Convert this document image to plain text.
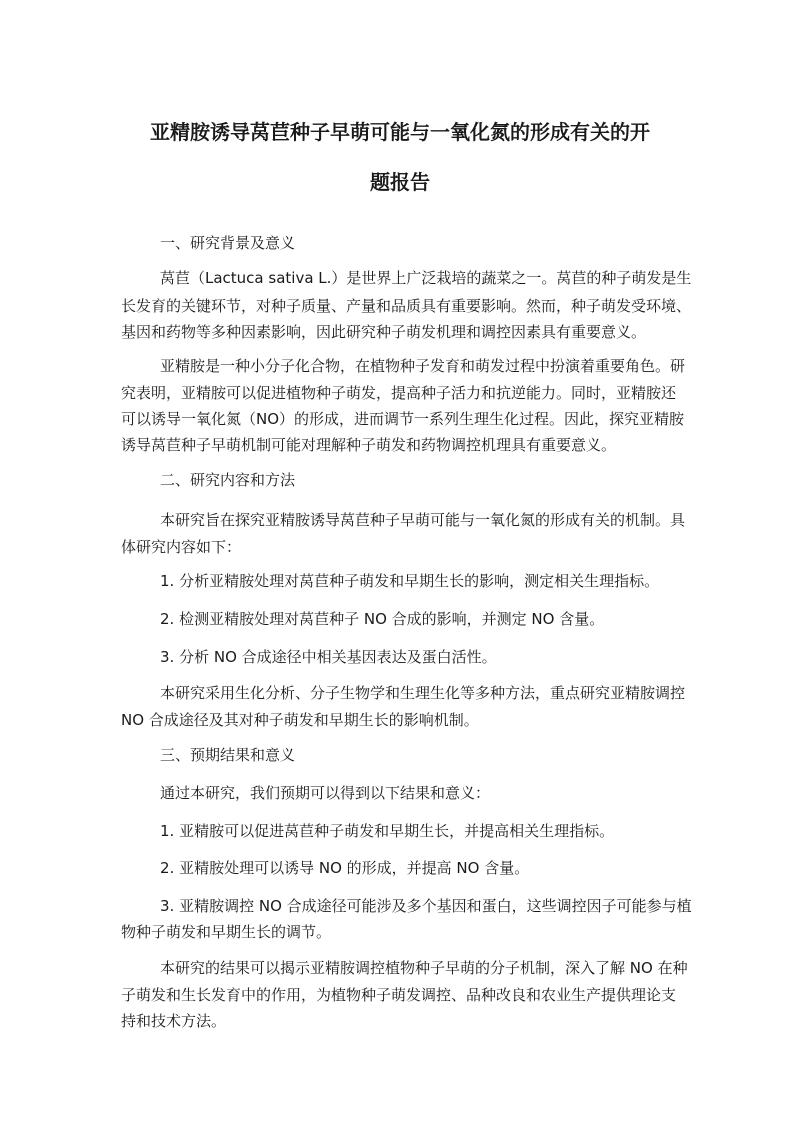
亚精胺诱导莴苣种子早萌可能与一氧化氮的形成有关的开
题报告

一、研究背景及意义

莴苣（Lactuca sativa L.）是世界上广泛栽培的蔬菜之一。莴苣的种子萌发是生

长发育的关键环节，对种子质量、产量和品质具有重要影响。然而，种子萌发受环境、

基因和药物等多种因素影响，因此研究种子萌发机理和调控因素具有重要意义。

亚精胺是一种小分子化合物，在植物种子发育和萌发过程中扮演着重要角色。研

究表明，亚精胺可以促进植物种子萌发，提高种子活力和抗逆能力。同时，亚精胺还

可以诱导一氧化氮（NO）的形成，进而调节一系列生理生化过程。因此，探究亚精胺

诱导莴苣种子早萌机制可能对理解种子萌发和药物调控机理具有重要意义。

二、研究内容和方法

本研究旨在探究亚精胺诱导莴苣种子早萌可能与一氧化氮的形成有关的机制。具

体研究内容如下：

1. 分析亚精胺处理对莴苣种子萌发和早期生长的影响，测定相关生理指标。

2. 检测亚精胺处理对莴苣种子 NO 合成的影响，并测定 NO 含量。

3. 分析 NO 合成途径中相关基因表达及蛋白活性。

本研究采用生化分析、分子生物学和生理生化等多种方法，重点研究亚精胺调控

NO 合成途径及其对种子萌发和早期生长的影响机制。

三、预期结果和意义

通过本研究，我们预期可以得到以下结果和意义：

1. 亚精胺可以促进莴苣种子萌发和早期生长，并提高相关生理指标。

2. 亚精胺处理可以诱导 NO 的形成，并提高 NO 含量。

3. 亚精胺调控 NO 合成途径可能涉及多个基因和蛋白，这些调控因子可能参与植

物种子萌发和早期生长的调节。

本研究的结果可以揭示亚精胺调控植物种子早萌的分子机制，深入了解 NO 在种

子萌发和生长发育中的作用，为植物种子萌发调控、品种改良和农业生产提供理论支

持和技术方法。
